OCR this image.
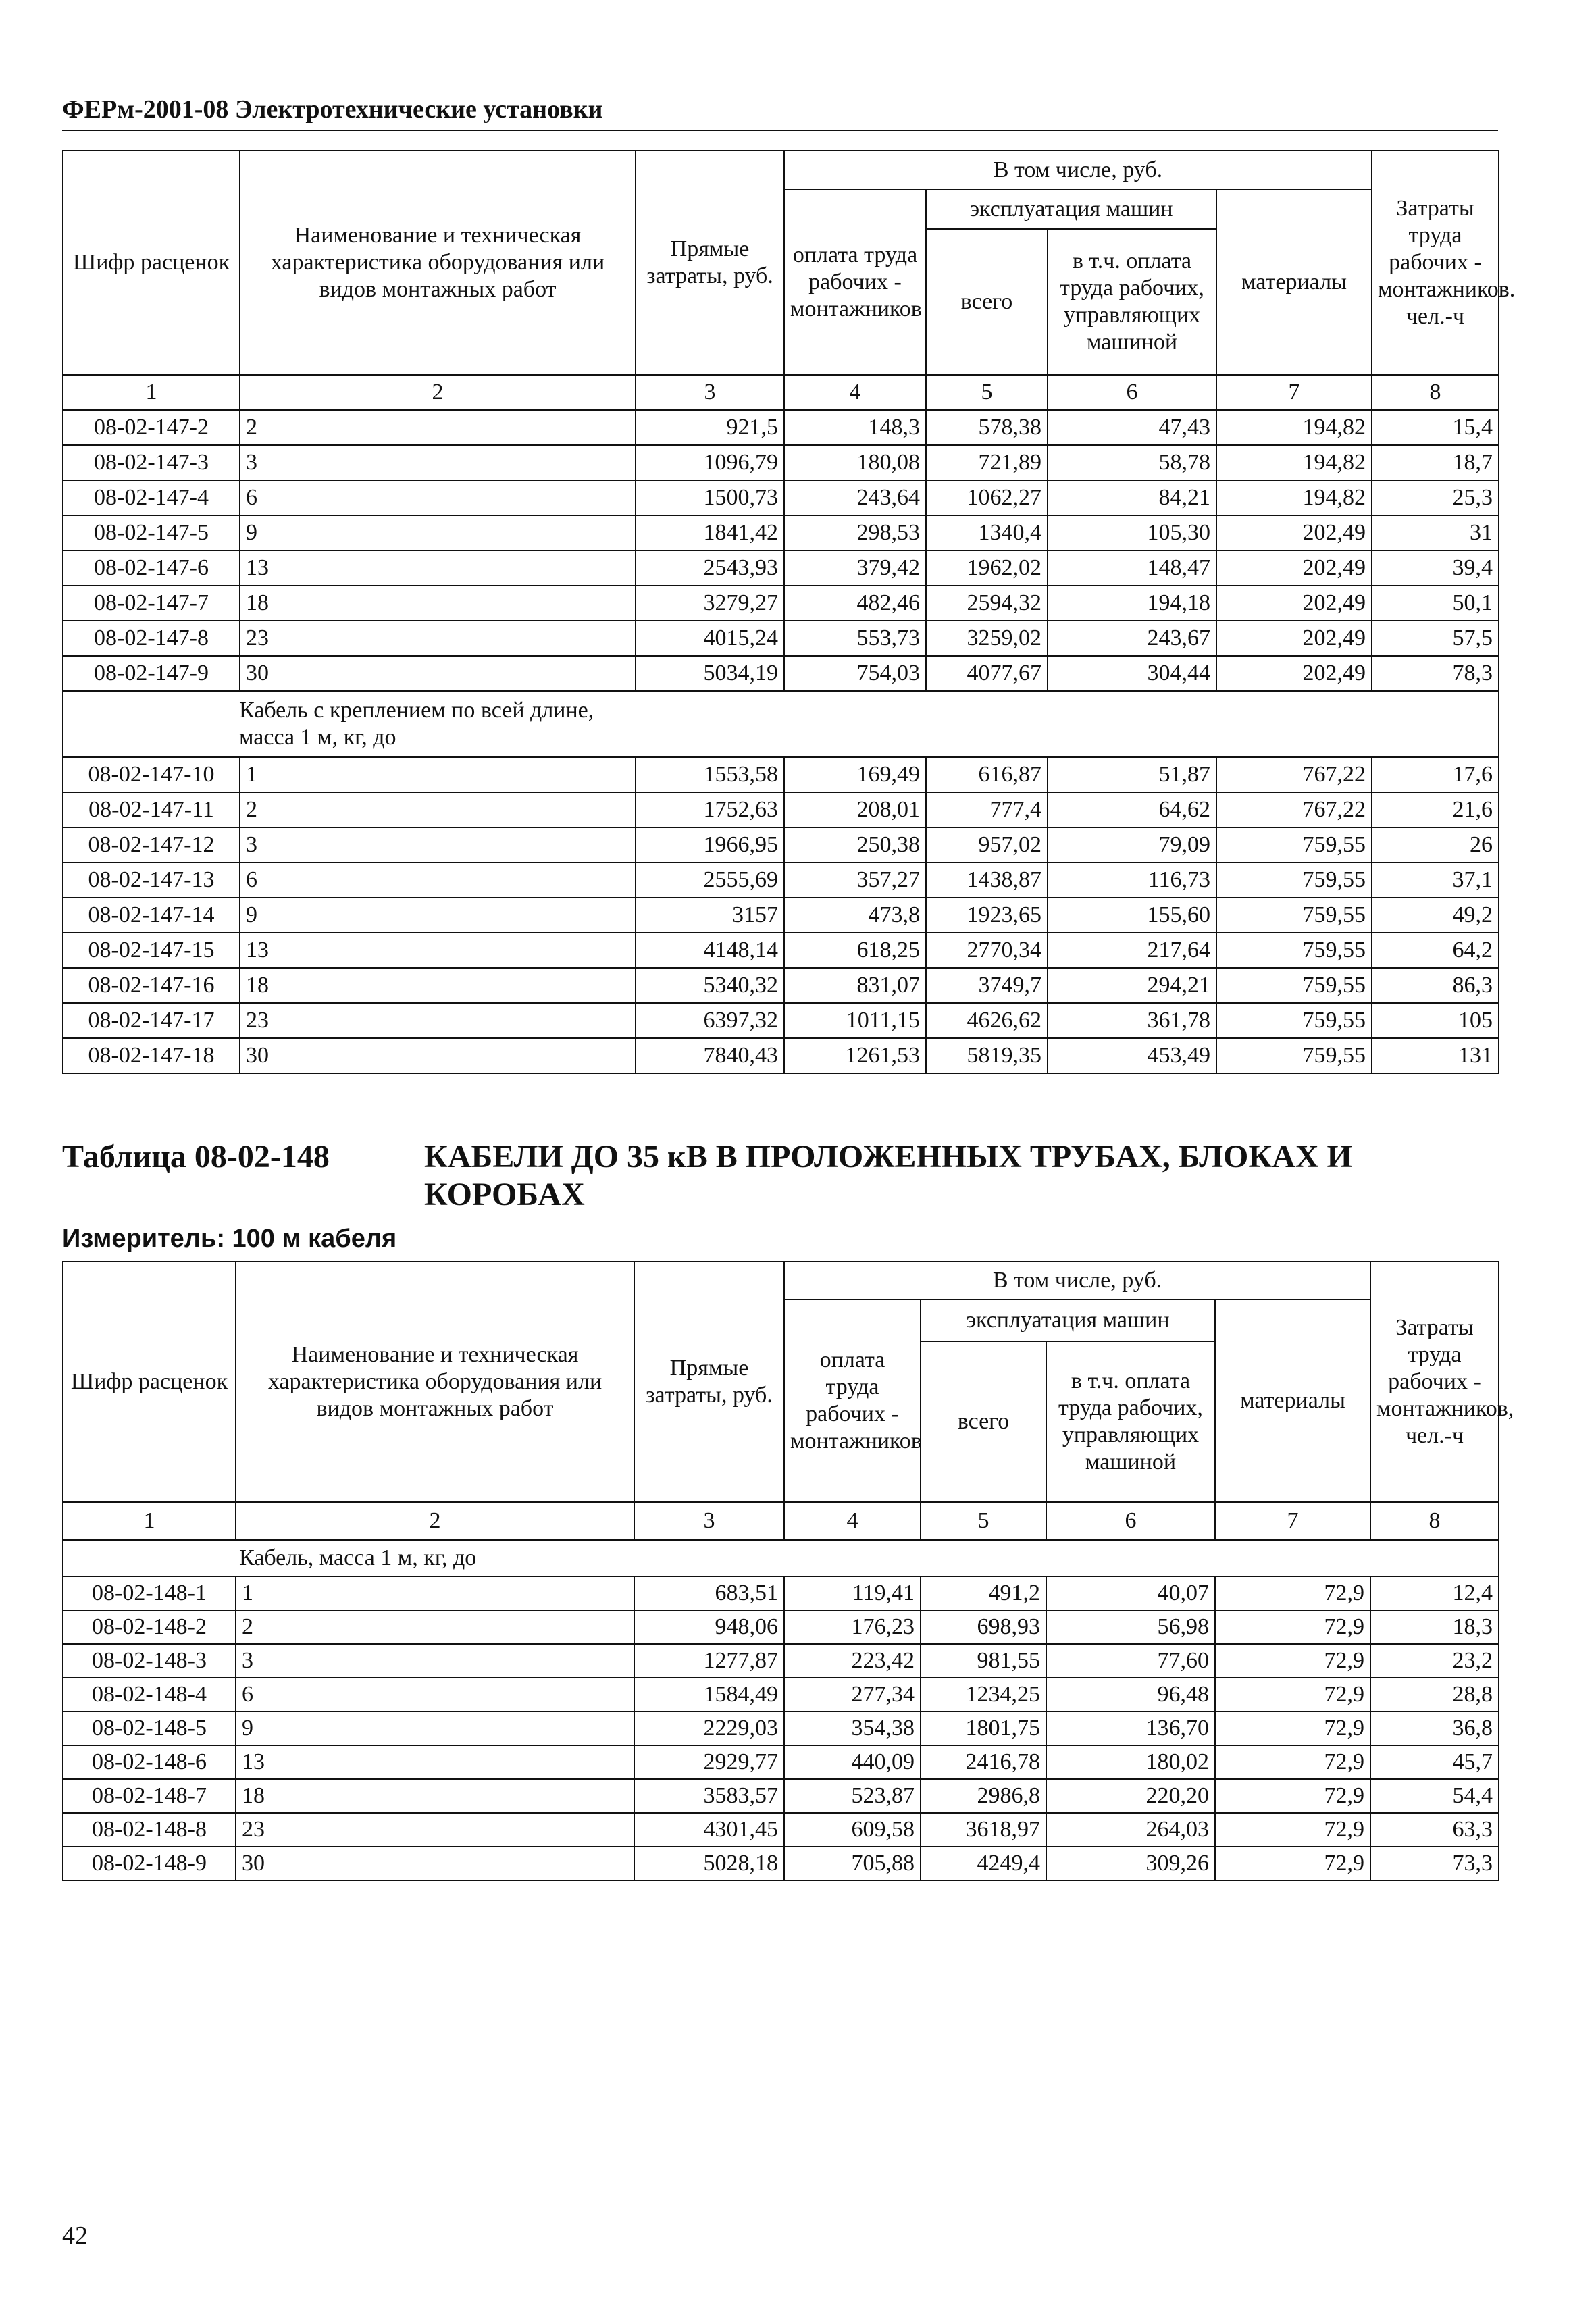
ФЕРм-2001-08 Электротехнические установки
Шифр расценок	Наименование и техническая характеристика оборудования или видов монтажных работ	Прямые затраты, руб.	В том числе, руб.				Затраты труда рабочих - монтажников. чел.-ч
			оплата труда рабочих - монтажников	эксплуатация машин		материалы	
				всего	в т.ч. оплата труда рабочих, управляющих машиной		
1	2	3	4	5	6	7	8
08-02-147-2	2	921,5	148,3	578,38	47,43	194,82	15,4
08-02-147-3	3	1096,79	180,08	721,89	58,78	194,82	18,7
08-02-147-4	6	1500,73	243,64	1062,27	84,21	194,82	25,3
08-02-147-5	9	1841,42	298,53	1340,4	105,30	202,49	31
08-02-147-6	13	2543,93	379,42	1962,02	148,47	202,49	39,4
08-02-147-7	18	3279,27	482,46	2594,32	194,18	202,49	50,1
08-02-147-8	23	4015,24	553,73	3259,02	243,67	202,49	57,5
08-02-147-9	30	5034,19	754,03	4077,67	304,44	202,49	78,3
Кабель с креплением по всей длине, масса 1 м, кг, до							
08-02-147-10	1	1553,58	169,49	616,87	51,87	767,22	17,6
08-02-147-11	2	1752,63	208,01	777,4	64,62	767,22	21,6
08-02-147-12	3	1966,95	250,38	957,02	79,09	759,55	26
08-02-147-13	6	2555,69	357,27	1438,87	116,73	759,55	37,1
08-02-147-14	9	3157	473,8	1923,65	155,60	759,55	49,2
08-02-147-15	13	4148,14	618,25	2770,34	217,64	759,55	64,2
08-02-147-16	18	5340,32	831,07	3749,7	294,21	759,55	86,3
08-02-147-17	23	6397,32	1011,15	4626,62	361,78	759,55	105
08-02-147-18	30	7840,43	1261,53	5819,35	453,49	759,55	131
Таблица 08-02-148	КАБЕЛИ ДО 35 кВ В ПРОЛОЖЕННЫХ ТРУБАХ, БЛОКАХ И КОРОБАХ
Измеритель: 100 м кабеля
Шифр расценок	Наименование и техническая характеристика оборудования или видов монтажных работ	Прямые затраты, руб.	В том числе, руб.				Затраты труда рабочих - монтажников, чел.-ч
			оплата труда рабочих - монтажников	эксплуатация машин		материалы	
				всего	в т.ч. оплата труда рабочих, управляющих машиной		
1	2	3	4	5	6	7	8
Кабель, масса 1 м, кг, до							
08-02-148-1	1	683,51	119,41	491,2	40,07	72,9	12,4
08-02-148-2	2	948,06	176,23	698,93	56,98	72,9	18,3
08-02-148-3	3	1277,87	223,42	981,55	77,60	72,9	23,2
08-02-148-4	6	1584,49	277,34	1234,25	96,48	72,9	28,8
08-02-148-5	9	2229,03	354,38	1801,75	136,70	72,9	36,8
08-02-148-6	13	2929,77	440,09	2416,78	180,02	72,9	45,7
08-02-148-7	18	3583,57	523,87	2986,8	220,20	72,9	54,4
08-02-148-8	23	4301,45	609,58	3618,97	264,03	72,9	63,3
08-02-148-9	30	5028,18	705,88	4249,4	309,26	72,9	73,3
42
